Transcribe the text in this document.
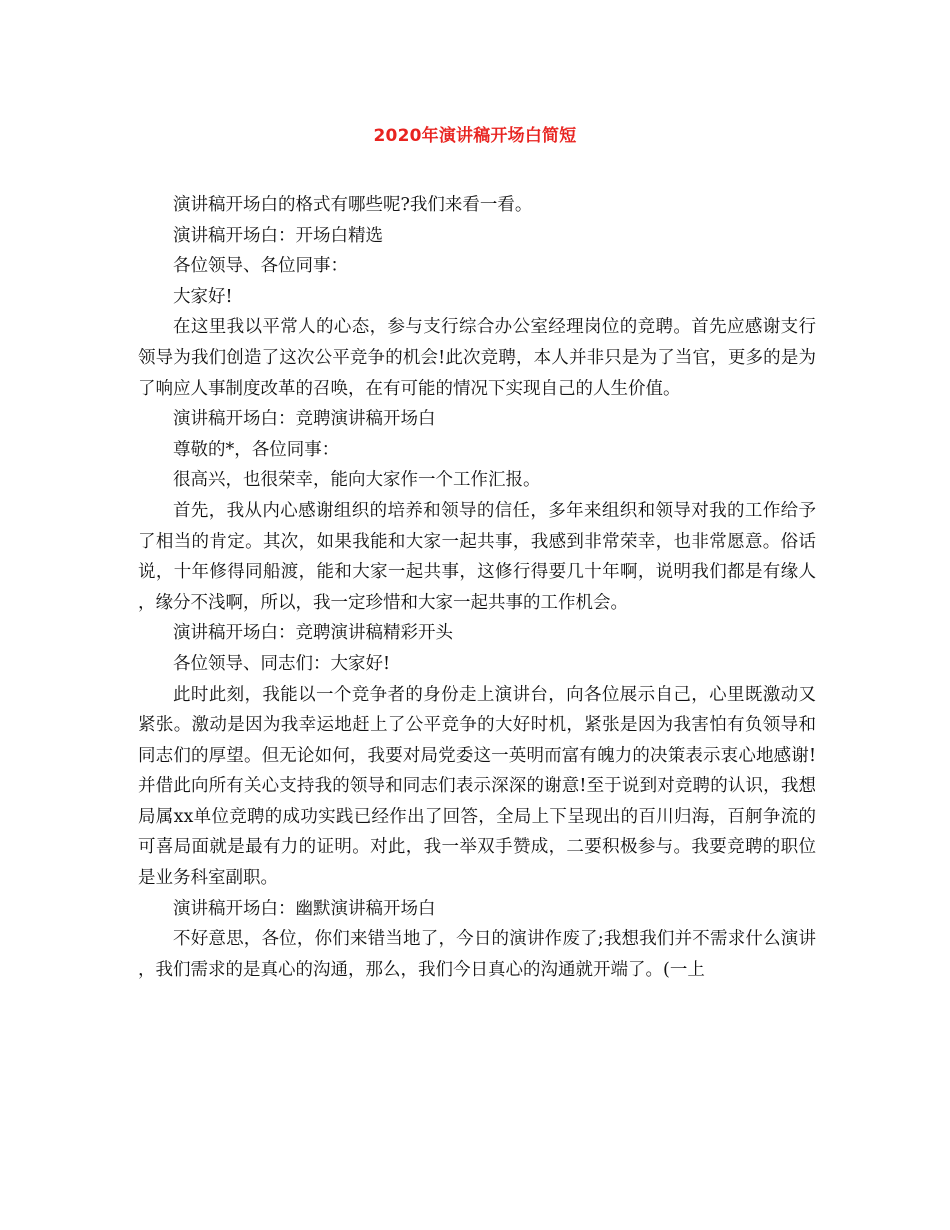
2020年演讲稿开场白简短

演讲稿开场白的格式有哪些呢?我们来看一看。

演讲稿开场白：开场白精选

各位领导、各位同事：

大家好!

在这里我以平常人的心态，参与支行综合办公室经理岗位的竞聘。首先应感谢支行领导为我们创造了这次公平竞争的机会!此次竞聘，本人并非只是为了当官，更多的是为了响应人事制度改革的召唤，在有可能的情况下实现自己的人生价值。

演讲稿开场白：竞聘演讲稿开场白

尊敬的*，各位同事：

很高兴，也很荣幸，能向大家作一个工作汇报。

首先，我从内心感谢组织的培养和领导的信任，多年来组织和领导对我的工作给予了相当的肯定。其次，如果我能和大家一起共事，我感到非常荣幸，也非常愿意。俗话说，十年修得同船渡，能和大家一起共事，这修行得要几十年啊，说明我们都是有缘人，缘分不浅啊，所以，我一定珍惜和大家一起共事的工作机会。

演讲稿开场白：竞聘演讲稿精彩开头

各位领导、同志们：大家好!

此时此刻，我能以一个竞争者的身份走上演讲台，向各位展示自己，心里既激动又紧张。激动是因为我幸运地赶上了公平竞争的大好时机，紧张是因为我害怕有负领导和同志们的厚望。但无论如何，我要对局党委这一英明而富有魄力的决策表示衷心地感谢!并借此向所有关心支持我的领导和同志们表示深深的谢意!至于说到对竞聘的认识，我想局属xx单位竞聘的成功实践已经作出了回答，全局上下呈现出的百川归海，百舸争流的可喜局面就是最有力的证明。对此，我一举双手赞成，二要积极参与。我要竞聘的职位是业务科室副职。

演讲稿开场白：幽默演讲稿开场白

不好意思，各位，你们来错当地了，今日的演讲作废了;我想我们并不需求什么演讲，我们需求的是真心的沟通，那么，我们今日真心的沟通就开端了。(一上
